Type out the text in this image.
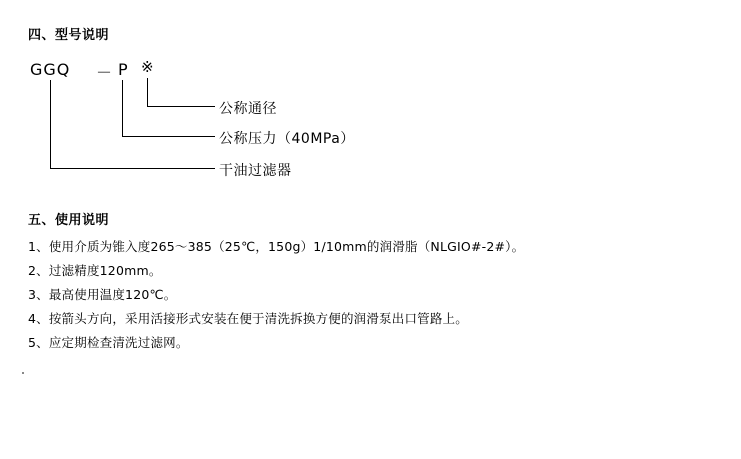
四、型号说明
GGQ － P ※
公称通径
公称压力（40MPa）
干油过滤器
五、使用说明
1、使用介质为锥入度265～385（25℃，150g）1/10mm的润滑脂（NLGIO#-2#）。
2、过滤精度120mm。
3、最高使用温度120℃。
4、按箭头方向，采用活接形式安装在便于清洗拆换方便的润滑泵出口管路上。
5、应定期检查清洗过滤网。
